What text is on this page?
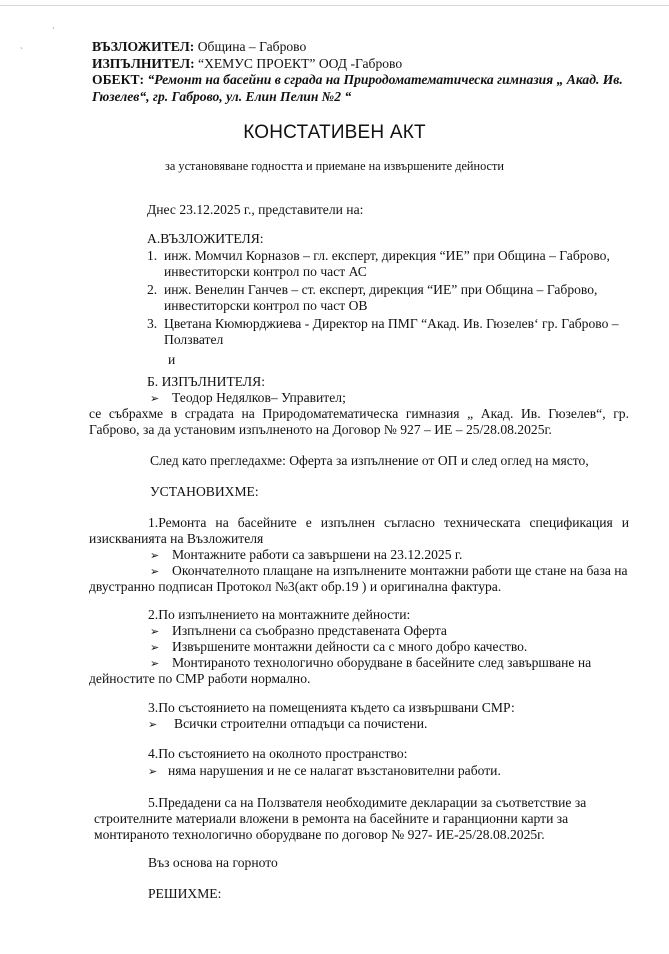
ˎ
ˎ	ВЪЗЛОЖИТЕЛ: Община – Габрово
ИЗПЪЛНИТЕЛ: “ХЕМУС ПРОЕКТ” ООД -Габрово
ОБЕКТ: “Ремонт на басейни в сграда на Природоматематическа гимназия „ Акад. Ив.
Гюзелев“, гр. Габрово, ул. Елин Пелин №2 “
КОНСТАТИВЕН АКТ
за установяване годността и приемане на извършените дейности
Днес 23.12.2025 г., представители на:
А.ВЪЗЛОЖИТЕЛЯ:
1. инж. Момчил Корназов – гл. експерт, дирекция “ИЕ” при Община – Габрово,
инвеститорски контрол по част АС
2. инж. Венелин Ганчев – ст. експерт, дирекция “ИЕ” при Община – Габрово,
инвеститорски контрол по част ОВ
3. Цветана Кюмюрджиева - Директор на ПМГ “Акад. Ив. Гюзелев‘ гр. Габрово –
Ползвател
и
Б. ИЗПЪЛНИТЕЛЯ:
➢ Теодор Недялков– Управител;
се събрахме в сградата на Природоматематическа гимназия „ Акад. Ив. Гюзелев“, гр.
Габрово, за да установим изпълненото на Договор № 927 – ИЕ – 25/28.08.2025г.
След като прегледахме: Оферта за изпълнение от ОП и след оглед на място,
УСТАНОВИХМЕ:
1.Ремонта на басейните е изпълнен съгласно техническата спецификация и
изискванията на Възложителя
➢ Монтажните работи са завършени на 23.12.2025 г.
➢ Окончателното плащане на изпълнените монтажни работи ще стане на база на
двустранно подписан Протокол №3(акт обр.19 ) и оригинална фактура.
2.По изпълнението на монтажните дейности:
➢ Изпълнени са съобразно представената Оферта
➢ Извършените монтажни дейности са с много добро качество.
➢ Монтираното технологично оборудване в басейните след завършване на
дейностите по СМР работи нормално.
3.По състоянието на помещенията където са извършвани СМР:
➢ Всички строителни отпадъци са почистени.
4.По състоянието на околното пространство:
➢ няма нарушения и не се налагат възстановителни работи.
5.Предадени са на Ползвателя необходимите декларации за съответствие за
строителните материали вложени в ремонта на басейните и гаранционни карти за
монтираното технологично оборудване по договор № 927- ИЕ-25/28.08.2025г.
Въз основа на горното
РЕШИХМЕ:
